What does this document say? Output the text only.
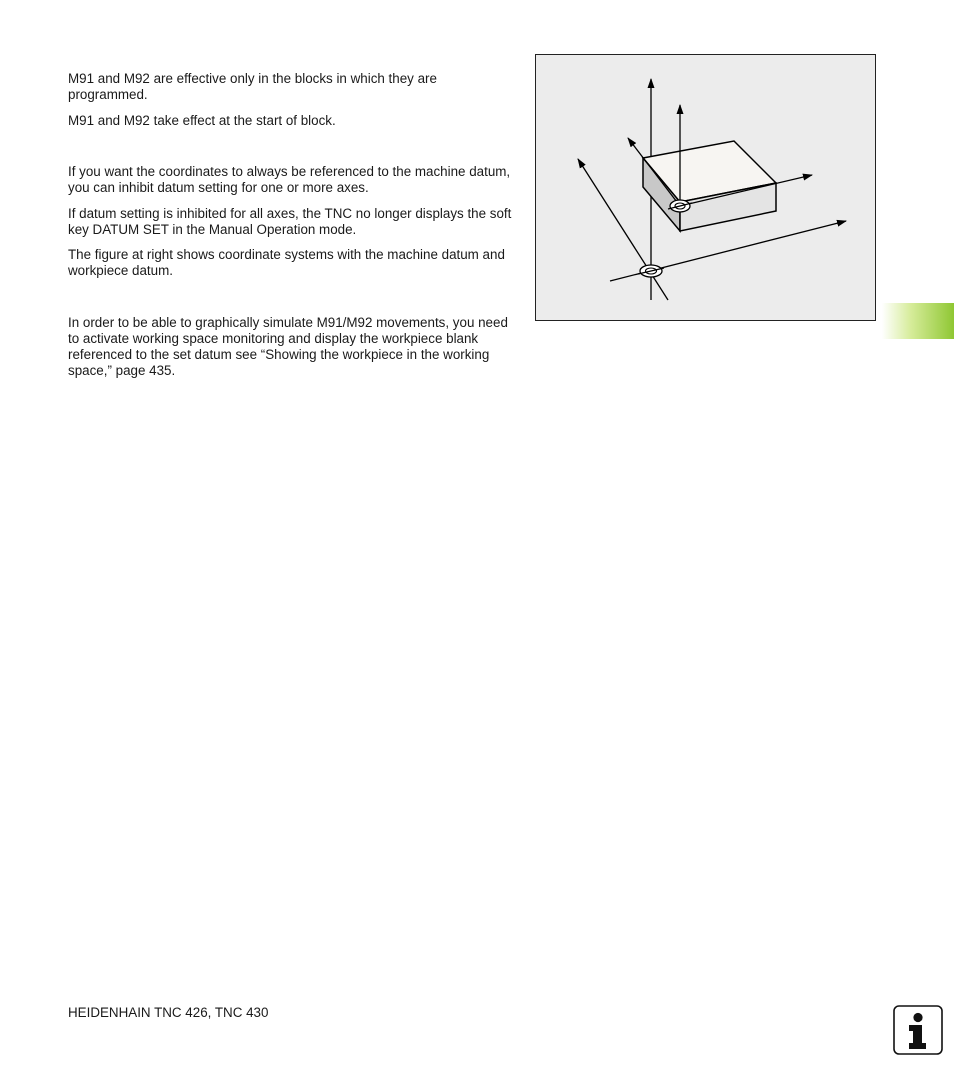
M91 and M92 are effective only in the blocks in which they are programmed.

M91 and M92 take effect at the start of block.

If you want the coordinates to always be referenced to the machine datum, you can inhibit datum setting for one or more axes.

If datum setting is inhibited for all axes, the TNC no longer displays the soft key DATUM SET in the Manual Operation mode.

The figure at right shows coordinate systems with the machine datum and workpiece datum.

In order to be able to graphically simulate M91/M92 movements, you need to activate working space monitoring and display the workpiece blank referenced to the set datum see “Showing the workpiece in the working space,” page 435.

HEIDENHAIN TNC 426, TNC 430
